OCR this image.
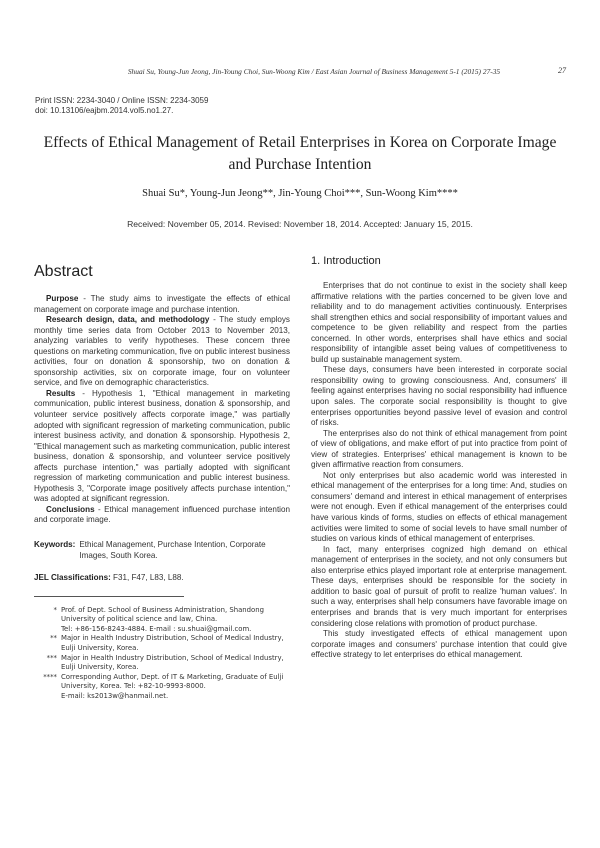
Shuai Su, Young-Jun Jeong, Jin-Young Choi, Sun-Woong Kim / East Asian Journal of Business Management 5-1 (2015) 27-35	27
Print ISSN: 2234-3040 / Online ISSN: 2234-3059
doi: 10.13106/eajbm.2014.vol5.no1.27.
Effects of Ethical Management of Retail Enterprises in Korea on Corporate Image
and Purchase Intention
Shuai Su*, Young-Jun Jeong**, Jin-Young Choi***, Sun-Woong Kim****
Received: November 05, 2014. Revised: November 18, 2014. Accepted: January 15, 2015.
Abstract

Purpose - The study aims to investigate the effects of ethical management on corporate image and purchase intention.

Research design, data, and methodology - The study employs monthly time series data from October 2013 to November 2013, analyzing variables to verify hypotheses. These concern three questions on marketing communication, five on public interest business activities, four on donation & sponsorship, two on donation & sponsorship activities, six on corporate image, four on volunteer service, and five on demographic characteristics.

Results - Hypothesis 1, "Ethical management in marketing communication, public interest business, donation & sponsorship, and volunteer service positively affects corporate image," was partially adopted with significant regression of marketing communication, public interest business activity, and donation & sponsorship. Hypothesis 2, "Ethical management such as marketing communication, public interest business, donation & sponsorship, and volunteer service positively affects purchase intention," was partially adopted with significant regression of marketing communication and public interest business. Hypothesis 3, "Corporate image positively affects purchase intention," was adopted at significant regression.

Conclusions - Ethical management influenced purchase intention and corporate image.

Keywords: Ethical Management, Purchase Intention, Corporate Images, South Korea.
JEL Classifications: F31, F47, L83, L88.
* Prof. of Dept. School of Business Administration, Shandong
University of political science and law, China.
Tel: +86-156-8243-4884. E-mail : su.shuai@gmail.com.
** Major in Health Industry Distribution, School of Medical Industry,
Eulji University, Korea.
*** Major in Health Industry Distribution, School of Medical Industry,
Eulji University, Korea.
**** Corresponding Author, Dept. of IT & Marketing, Graduate of Eulji
University, Korea. Tel: +82-10-9993-8000.
E-mail: ks2013w@hanmail.net.
1. Introduction

Enterprises that do not continue to exist in the society shall keep affirmative relations with the parties concerned to be given love and reliability and to do management activities continuously. Enterprises shall strengthen ethics and social responsibility of important values and competence to be given reliability and respect from the parties concerned. In other words, enterprises shall have ethics and social responsibility of intangible asset being values of competitiveness to build up sustainable management system.

These days, consumers have been interested in corporate social responsibility owing to growing consciousness. And, consumers' ill feeling against enterprises having no social responsibility had influence upon sales. The corporate social responsibility is thought to give enterprises opportunities beyond passive level of evasion and control of risks.

The enterprises also do not think of ethical management from point of view of obligations, and make effort of put into practice from point of view of strategies. Enterprises' ethical management is known to be given affirmative reaction from consumers.

Not only enterprises but also academic world was interested in ethical management of the enterprises for a long time: And, studies on consumers' demand and interest in ethical management of enterprises were not enough. Even if ethical management of the enterprises could have various kinds of forms, studies on effects of ethical management activities were limited to some of social levels to have small number of studies on various kinds of ethical management of enterprises.

In fact, many enterprises cognized high demand on ethical management of enterprises in the society, and not only consumers but also enterprise ethics played important role at enterprise management. These days, enterprises should be responsible for the society in addition to basic goal of pursuit of profit to realize 'human values'. In such a way, enterprises shall help consumers have favorable image on enterprises and brands that is very much important for enterprises considering close relations with promotion of product purchase.

This study investigated effects of ethical management upon corporate images and consumers' purchase intention that could give effective strategy to let enterprises do ethical management.
